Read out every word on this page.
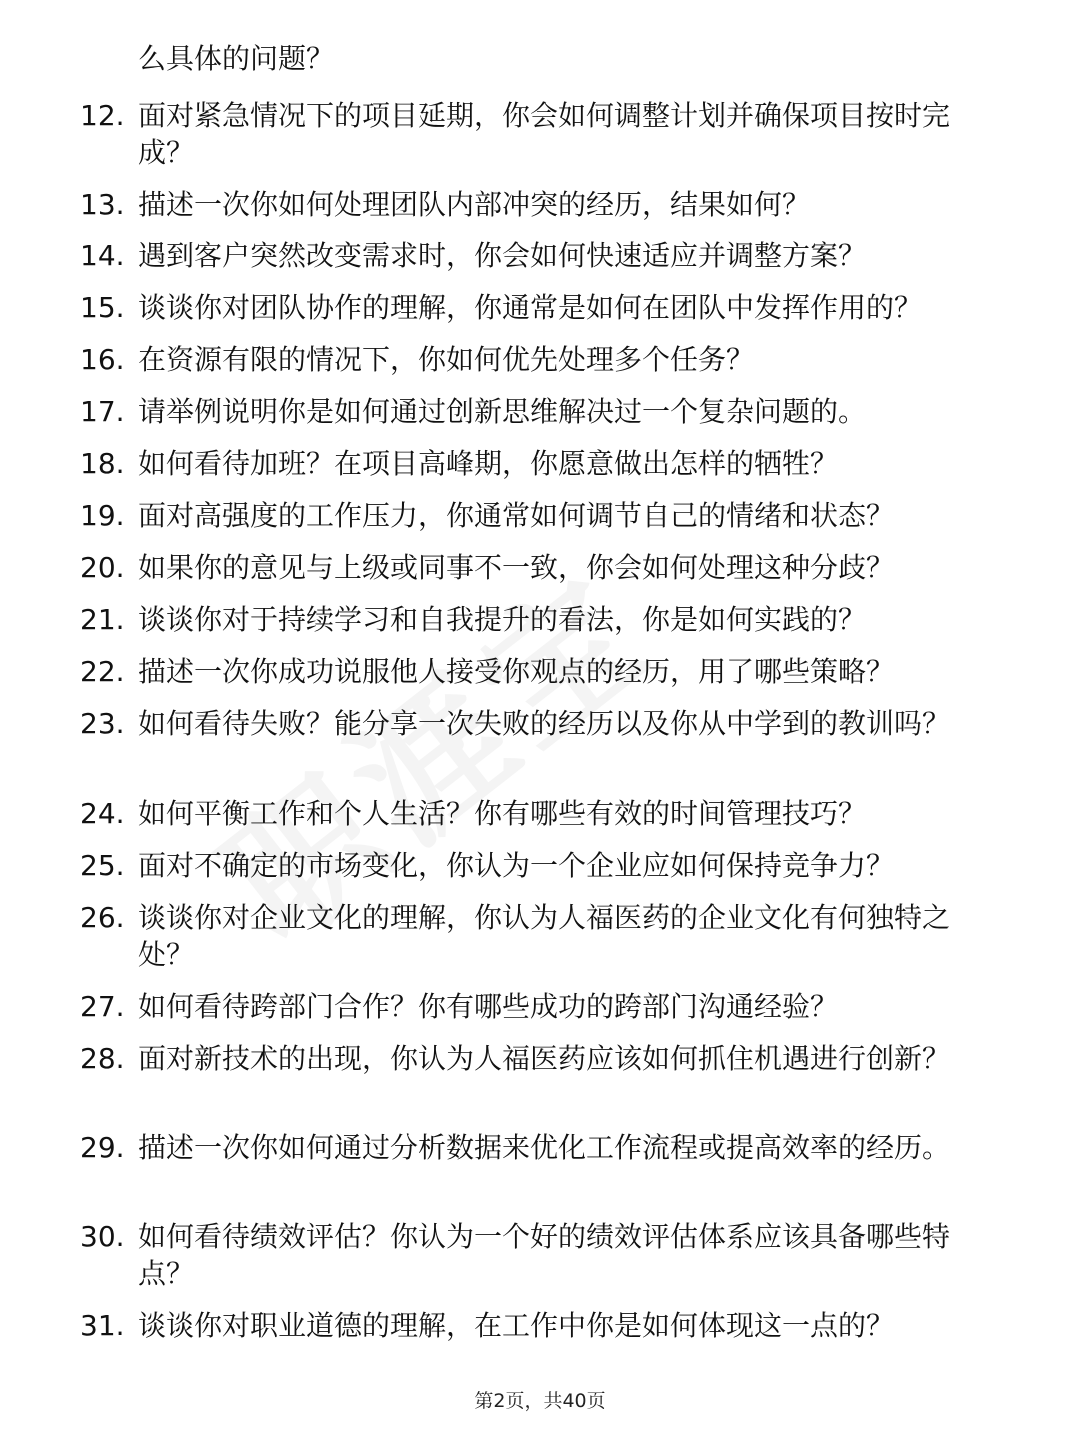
么具体的问题？
12. 面对紧急情况下的项目延期，你会如何调整计划并确保项目按时完成？
13. 描述一次你如何处理团队内部冲突的经历，结果如何？
14. 遇到客户突然改变需求时，你会如何快速适应并调整方案？
15. 谈谈你对团队协作的理解，你通常是如何在团队中发挥作用的？
16. 在资源有限的情况下，你如何优先处理多个任务？
17. 请举例说明你是如何通过创新思维解决过一个复杂问题的。
18. 如何看待加班？在项目高峰期，你愿意做出怎样的牺牲？
19. 面对高强度的工作压力，你通常如何调节自己的情绪和状态？
20. 如果你的意见与上级或同事不一致，你会如何处理这种分歧？
21. 谈谈你对于持续学习和自我提升的看法，你是如何实践的？
22. 描述一次你成功说服他人接受你观点的经历，用了哪些策略？
23. 如何看待失败？能分享一次失败的经历以及你从中学到的教训吗？
24. 如何平衡工作和个人生活？你有哪些有效的时间管理技巧？
25. 面对不确定的市场变化，你认为一个企业应如何保持竞争力？
26. 谈谈你对企业文化的理解，你认为人福医药的企业文化有何独特之处？
27. 如何看待跨部门合作？你有哪些成功的跨部门沟通经验？
28. 面对新技术的出现，你认为人福医药应该如何抓住机遇进行创新？
29. 描述一次你如何通过分析数据来优化工作流程或提高效率的经历。
30. 如何看待绩效评估？你认为一个好的绩效评估体系应该具备哪些特点？
31. 谈谈你对职业道德的理解，在工作中你是如何体现这一点的？
第2页，共40页
